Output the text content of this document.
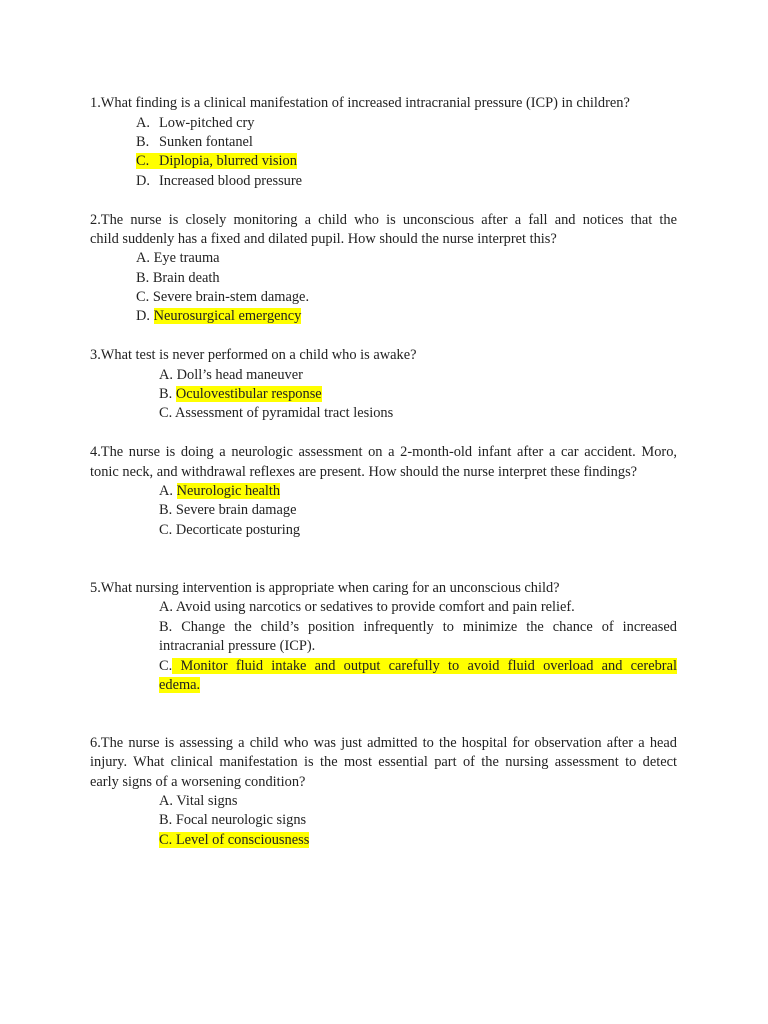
1.What finding is a clinical manifestation of increased intracranial pressure (ICP) in children?
A. Low-pitched cry
B. Sunken fontanel
C. Diplopia, blurred vision
D. Increased blood pressure
2.The nurse is closely monitoring a child who is unconscious after a fall and notices that the
child suddenly has a fixed and dilated pupil. How should the nurse interpret this?
A. Eye trauma
B. Brain death
C. Severe brain-stem damage.
D. Neurosurgical emergency
3.What test is never performed on a child who is awake?
A. Doll’s head maneuver
B. Oculovestibular response
C. Assessment of pyramidal tract lesions
4.The nurse is doing a neurologic assessment on a 2-month-old infant after a car accident. Moro,
tonic neck, and withdrawal reflexes are present. How should the nurse interpret these findings?
A. Neurologic health
B. Severe brain damage
C. Decorticate posturing
5.What nursing intervention is appropriate when caring for an unconscious child?
A. Avoid using narcotics or sedatives to provide comfort and pain relief.
B. Change the child’s position infrequently to minimize the chance of increased
intracranial pressure (ICP).
C. Monitor fluid intake and output carefully to avoid fluid overload and cerebral
edema.
6.The nurse is assessing a child who was just admitted to the hospital for observation after a head
injury. What clinical manifestation is the most essential part of the nursing assessment to detect
early signs of a worsening condition?
A. Vital signs
B. Focal neurologic signs
C. Level of consciousness
